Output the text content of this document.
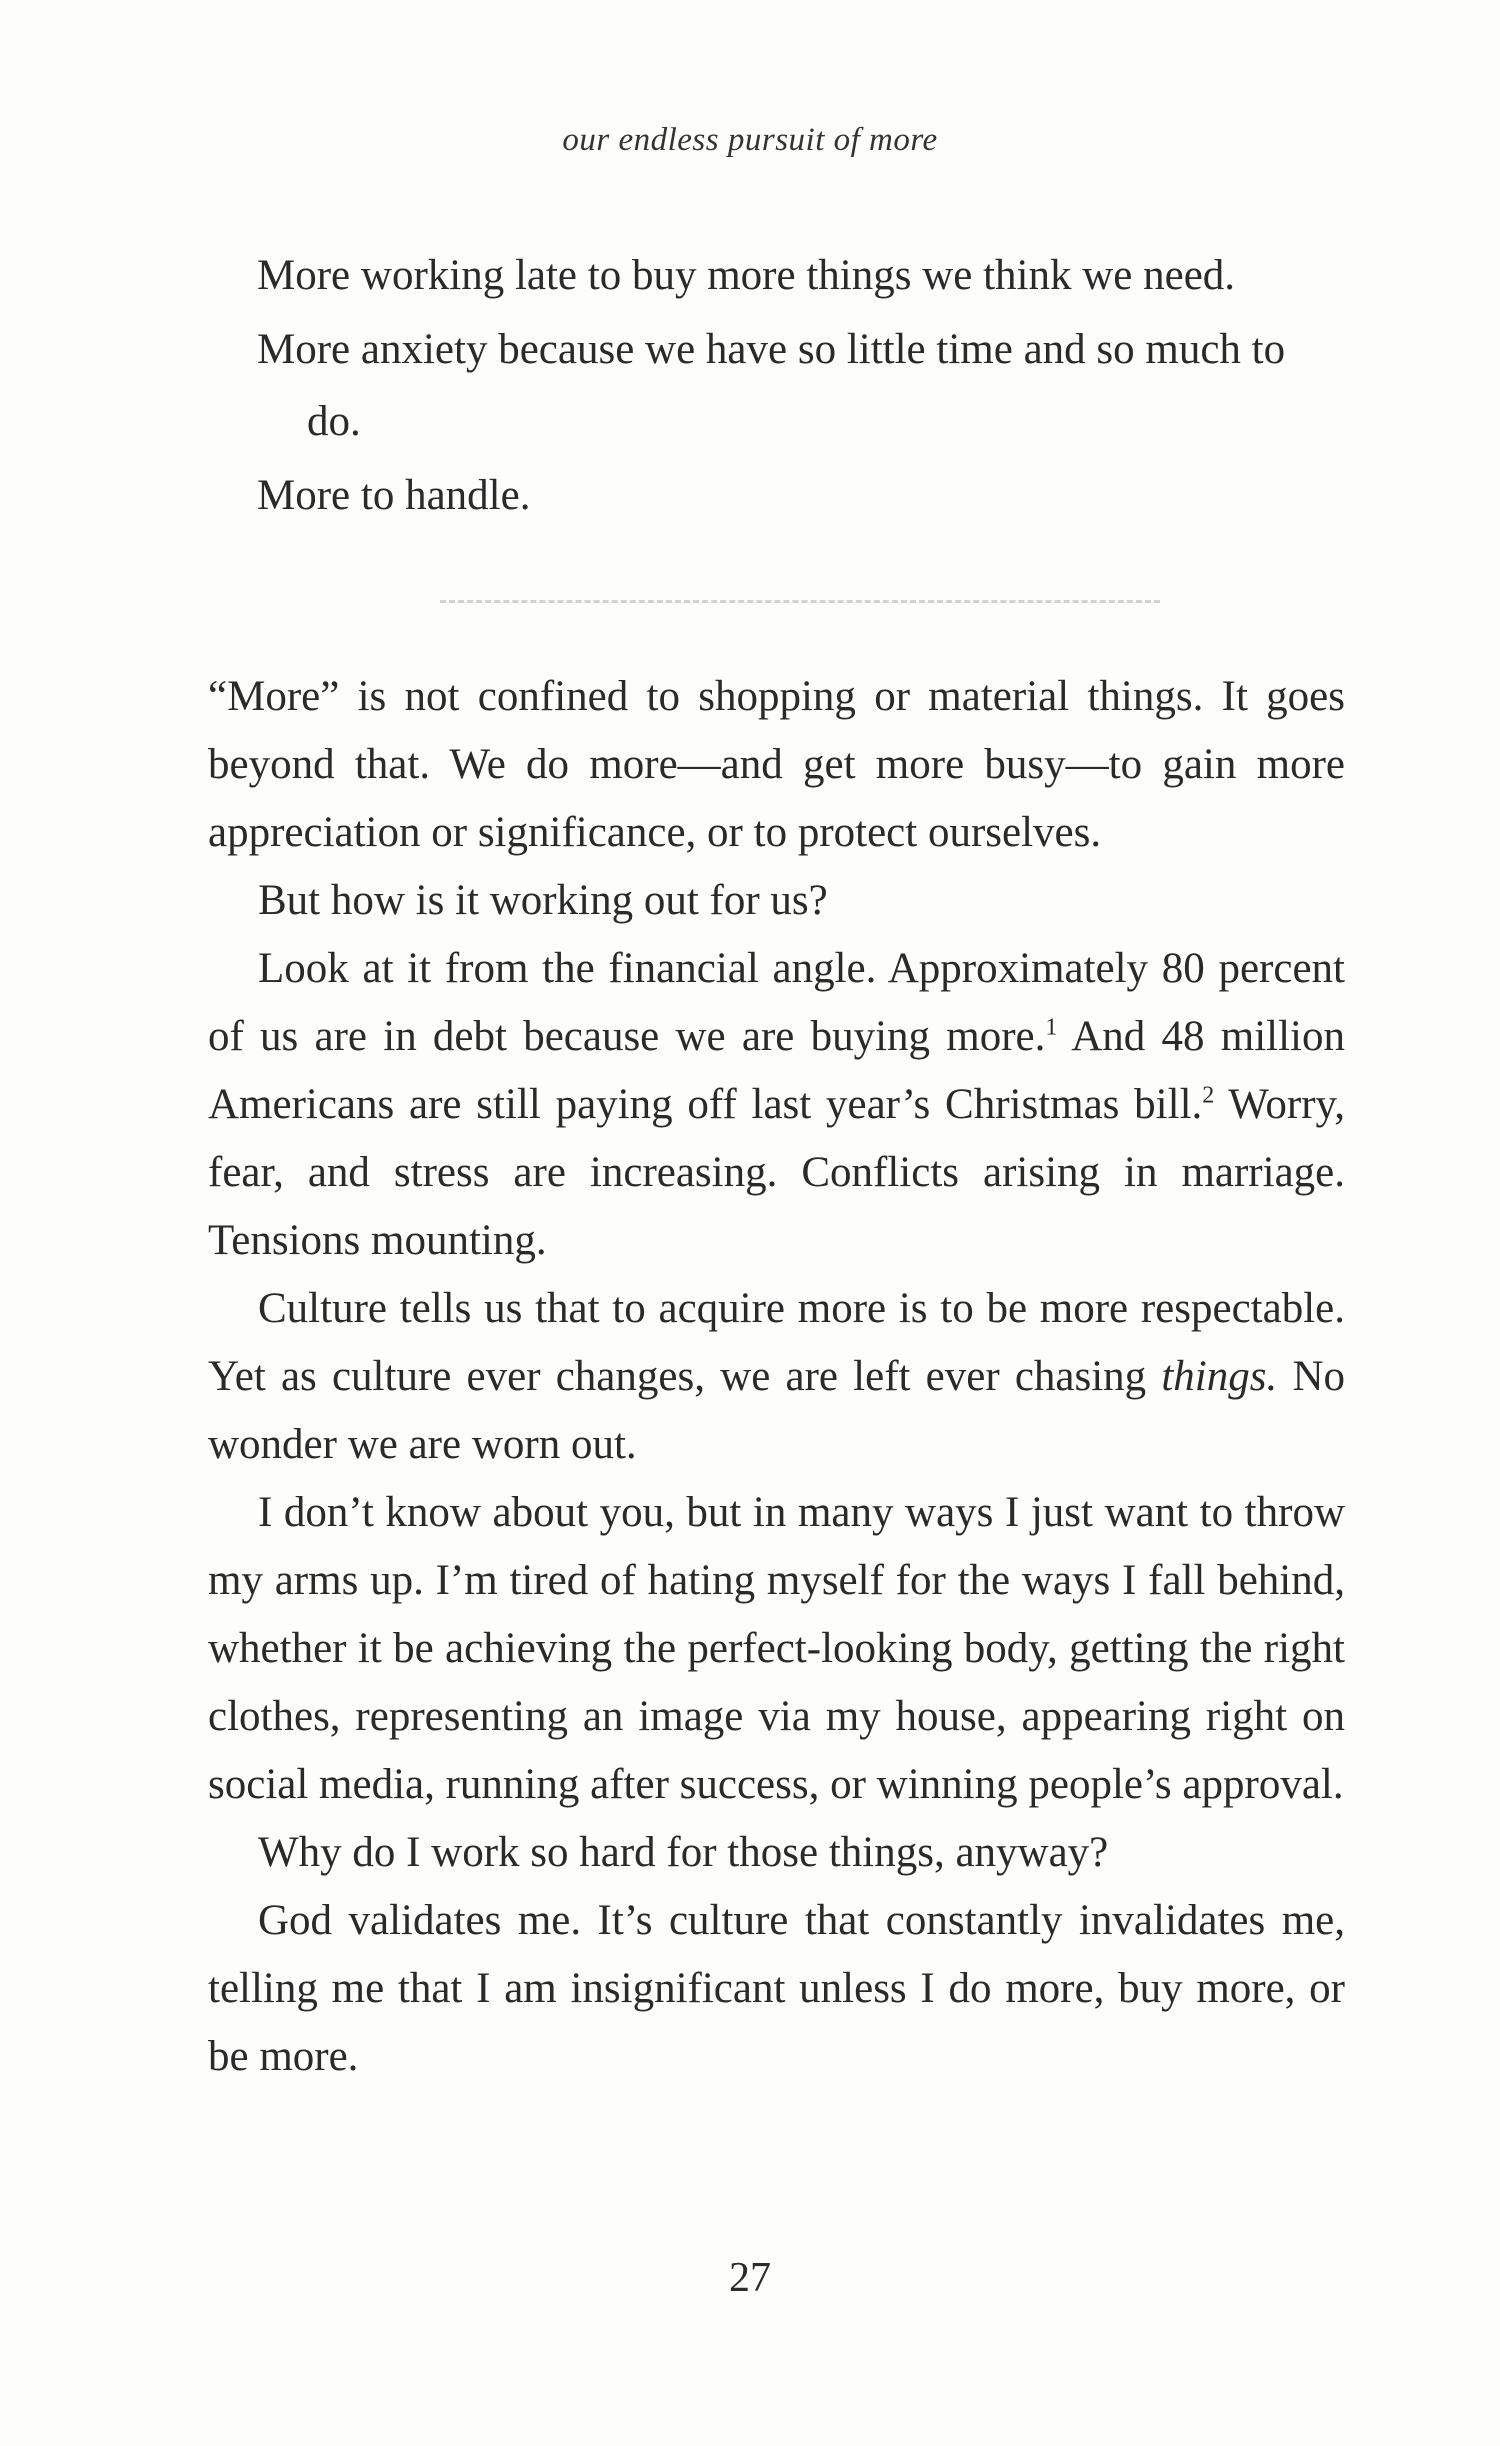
our endless pursuit of more

More working late to buy more things we think we need.

More anxiety because we have so little time and so much to do.

More to handle.

“More” is not confined to shopping or material things. It goes beyond that. We do more—and get more busy—to gain more appreciation or significance, or to protect ourselves.

But how is it working out for us?

Look at it from the financial angle. Approximately 80 percent of us are in debt because we are buying more.$^1$ And 48 million Americans are still paying off last year’s Christmas bill.$^2$ Worry, fear, and stress are increasing. Conflicts arising in marriage. Tensions mounting.

Culture tells us that to acquire more is to be more respectable. Yet as culture ever changes, we are left ever chasing things. No wonder we are worn out.

I don’t know about you, but in many ways I just want to throw my arms up. I’m tired of hating myself for the ways I fall behind, whether it be achieving the perfect-looking body, getting the right clothes, representing an image via my house, appearing right on social media, running after success, or winning people’s approval.

Why do I work so hard for those things, anyway?

God validates me. It’s culture that constantly invalidates me, telling me that I am insignificant unless I do more, buy more, or be more.

27
